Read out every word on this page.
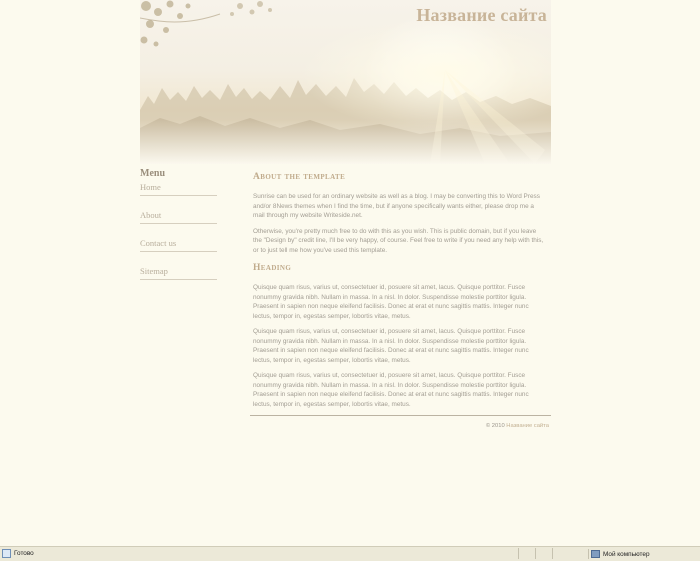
Название сайта
Menu
Home
About
Contact us
Sitemap
About the template

Sunrise can be used for an ordinary website as well as a blog. I may be converting this to Word Press and/or 8News themes when I find the time, but if anyone specifically wants either, please drop me a mail through my website Writeside.net.

Otherwise, you're pretty much free to do with this as you wish. This is public domain, but if you leave the "Design by" credit line, I'll be very happy, of course. Feel free to write if you need any help with this, or to just tell me how you've used this template.

Heading

Quisque quam risus, varius ut, consectetuer id, posuere sit amet, lacus. Quisque porttitor. Fusce nonummy gravida nibh. Nullam in massa. In a nisl. In dolor. Suspendisse molestie porttitor ligula. Praesent in sapien non neque eleifend facilisis. Donec at erat et nunc sagittis mattis. Integer nunc lectus, tempor in, egestas semper, lobortis vitae, metus.

Quisque quam risus, varius ut, consectetuer id, posuere sit amet, lacus. Quisque porttitor. Fusce nonummy gravida nibh. Nullam in massa. In a nisl. In dolor. Suspendisse molestie porttitor ligula. Praesent in sapien non neque eleifend facilisis. Donec at erat et nunc sagittis mattis. Integer nunc lectus, tempor in, egestas semper, lobortis vitae, metus.

Quisque quam risus, varius ut, consectetuer id, posuere sit amet, lacus. Quisque porttitor. Fusce nonummy gravida nibh. Nullam in massa. In a nisl. In dolor. Suspendisse molestie porttitor ligula. Praesent in sapien non neque eleifend facilisis. Donec at erat et nunc sagittis mattis. Integer nunc lectus, tempor in, egestas semper, lobortis vitae, metus.

© 2010 Название сайта
Готово	Мой компьютер
